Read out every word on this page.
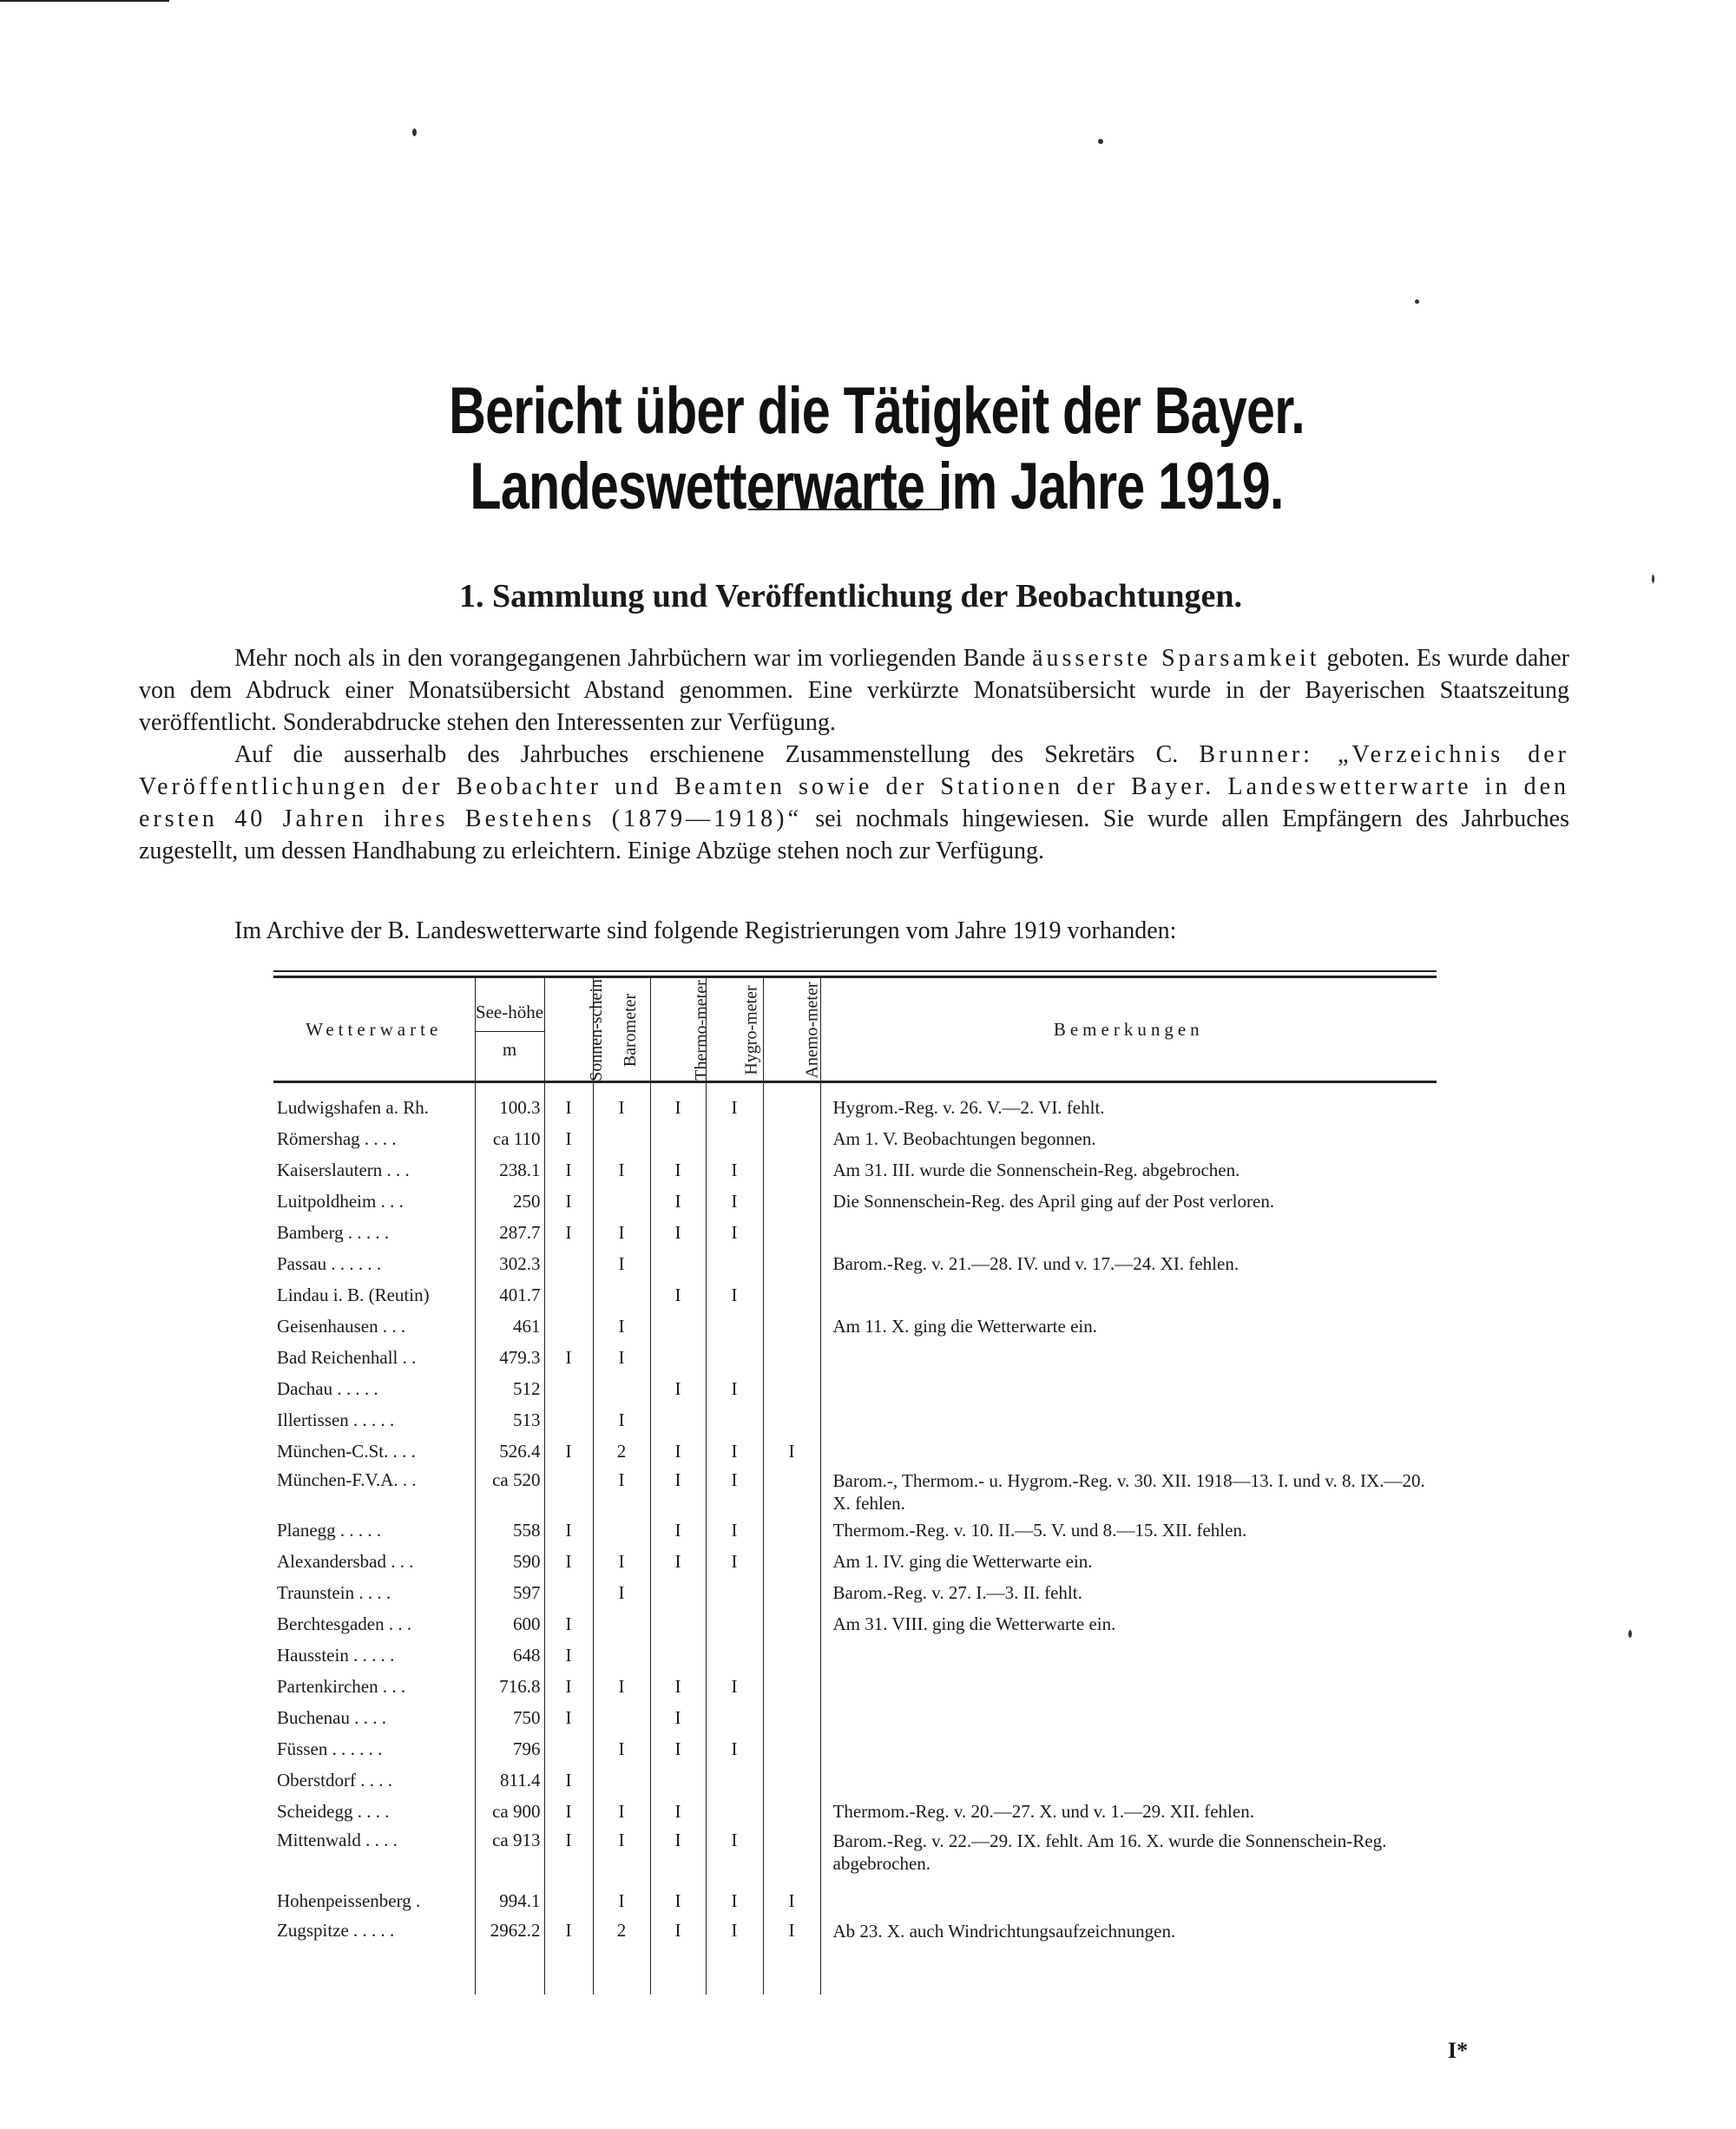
Bericht über die Tätigkeit der Bayer. Landeswetterwarte im Jahre 1919.
1. Sammlung und Veröffentlichung der Beobachtungen.

Mehr noch als in den vorangegangenen Jahrbüchern war im vorliegenden Bande äusserste Sparsamkeit geboten. Es wurde daher von dem Abdruck einer Monatsübersicht Abstand genommen. Eine verkürzte Monatsübersicht wurde in der Bayerischen Staatszeitung veröffentlicht. Sonderabdrucke stehen den Interessenten zur Verfügung.

Auf die ausserhalb des Jahrbuches erschienene Zusammenstellung des Sekretärs C. Brunner: „Verzeichnis der Veröffentlichungen der Beobachter und Beamten sowie der Stationen der Bayer. Landeswetterwarte in den ersten 40 Jahren ihres Bestehens (1879—1918)“ sei nochmals hingewiesen. Sie wurde allen Empfängern des Jahrbuches zugestellt, um dessen Handhabung zu erleichtern. Einige Abzüge stehen noch zur Verfügung.

Im Archive der B. Landeswetterwarte sind folgende Registrierungen vom Jahre 1919 vorhanden:

Wetterwarte	See-höhe
m	Sonnen-schein	Barometer	Thermo-meter	Hygro-meter	Anemo-meter	Bemerkungen
Ludwigshafen a. Rh.	100.3	I	I	I	I		Hygrom.-Reg. v. 26. V.—2. VI. fehlt.
Römershag . . . .	ca 110	I					Am 1. V. Beobachtungen begonnen.
Kaiserslautern . . .	238.1	I	I	I	I		Am 31. III. wurde die Sonnenschein-Reg. abgebrochen.
Luitpoldheim . . .	250	I		I	I		Die Sonnenschein-Reg. des April ging auf der Post verloren.
Bamberg . . . . .	287.7	I	I	I	I		
Passau . . . . . .	302.3		I				Barom.-Reg. v. 21.—28. IV. und v. 17.—24. XI. fehlen.
Lindau i. B. (Reutin)	401.7			I	I		
Geisenhausen . . .	461		I				Am 11. X. ging die Wetterwarte ein.
Bad Reichenhall . .	479.3	I	I				
Dachau . . . . .	512			I	I		
Illertissen . . . . .	513		I				
München-C.St. . . .	526.4	I	2	I	I	I	
München-F.V.A. . .	ca 520		I	I	I		Barom.-, Thermom.- u. Hygrom.-Reg. v. 30. XII. 1918—13. I. und v. 8. IX.—20. X. fehlen.
Planegg . . . . .	558	I		I	I		Thermom.-Reg. v. 10. II.—5. V. und 8.—15. XII. fehlen.
Alexandersbad . . .	590	I	I	I	I		Am 1. IV. ging die Wetterwarte ein.
Traunstein . . . .	597		I				Barom.-Reg. v. 27. I.—3. II. fehlt.
Berchtesgaden . . .	600	I					Am 31. VIII. ging die Wetterwarte ein.
Hausstein . . . . .	648	I					
Partenkirchen . . .	716.8	I	I	I	I		
Buchenau . . . .	750	I		I			
Füssen . . . . . .	796		I	I	I		
Oberstdorf . . . .	811.4	I					
Scheidegg . . . .	ca 900	I	I	I			Thermom.-Reg. v. 20.—27. X. und v. 1.—29. XII. fehlen.
Mittenwald . . . .	ca 913	I	I	I	I		Barom.-Reg. v. 22.—29. IX. fehlt. Am 16. X. wurde die Sonnenschein-Reg. abgebrochen.
Hohenpeissenberg .	994.1		I	I	I	I	
Zugspitze . . . . .	2962.2	I	2	I	I	I	Ab 23. X. auch Windrichtungsaufzeichnungen.
I*
